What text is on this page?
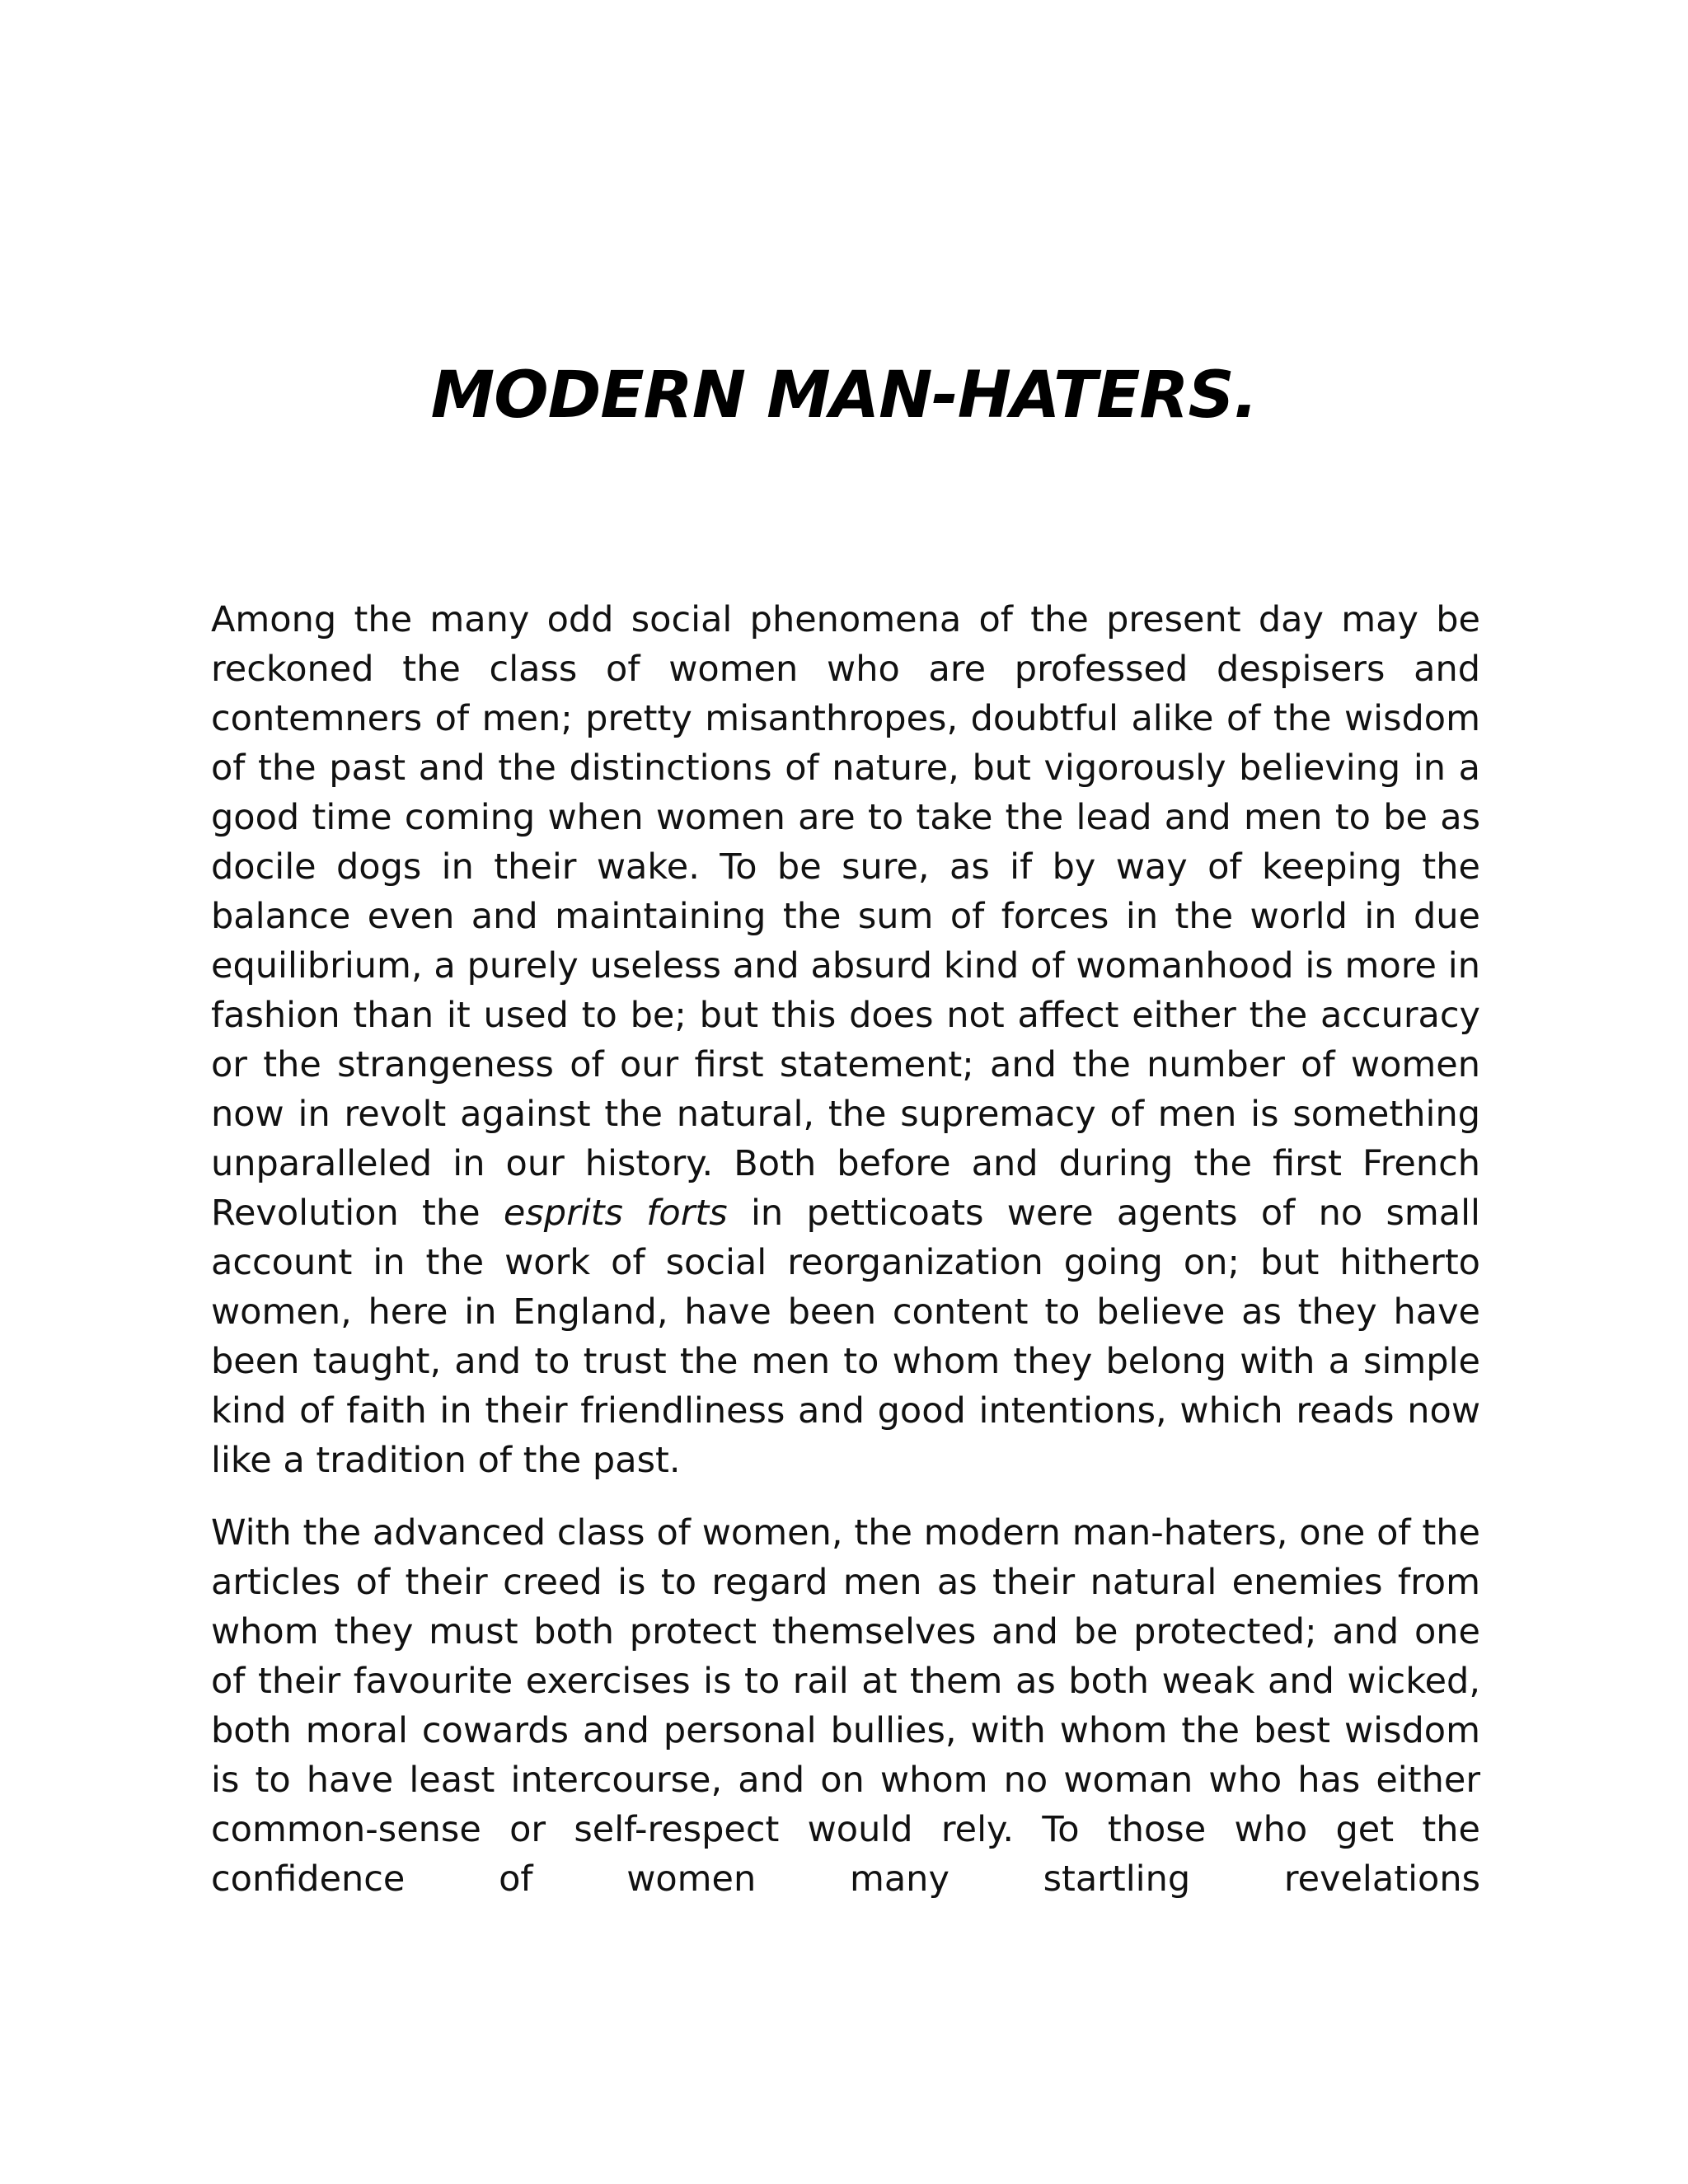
MODERN MAN-HATERS.

Among the many odd social phenomena of the present day may be reckoned the class of women who are professed despisers and contemners of men; pretty misanthropes, doubtful alike of the wisdom of the past and the distinctions of nature, but vigorously believing in a good time coming when women are to take the lead and men to be as docile dogs in their wake. To be sure, as if by way of keeping the balance even and maintaining the sum of forces in the world in due equilibrium, a purely useless and absurd kind of womanhood is more in fashion than it used to be; but this does not affect either the accuracy or the strangeness of our first statement; and the number of women now in revolt against the natural, the supremacy of men is something unparalleled in our history. Both before and during the first French Revolution the esprits forts in petticoats were agents of no small account in the work of social reorganization going on; but hitherto women, here in England, have been content to believe as they have been taught, and to trust the men to whom they belong with a simple kind of faith in their friendliness and good intentions, which reads now like a tradition of the past.

With the advanced class of women, the modern man-haters, one of the articles of their creed is to regard men as their natural enemies from whom they must both protect themselves and be protected; and one of their favourite exercises is to rail at them as both weak and wicked, both moral cowards and personal bullies, with whom the best wisdom is to have least intercourse, and on whom no woman who has either common-sense or self-respect would rely. To those who get the confidence of women many startling revelations
